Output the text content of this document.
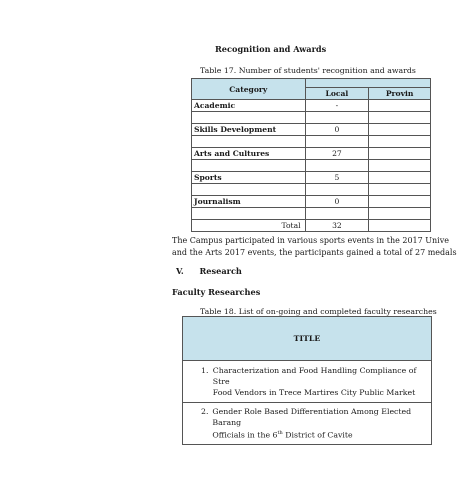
Recognition and Awards
Table 17. Number of students' recognition and awards
Category		
	Local	Provin
Academic	-	

Skills Development	0	

Arts and Cultures	27	

Sports	5	

Journalism	0	

Total	32	
The Campus participated in various sports events in the 2017 Unive
and the Arts 2017 events, the participants gained a total of 27 medals
V. Research
Faculty Researches
Table 18. List of on-going and completed faculty researches
TITLE

1. Characterization and Food Handling Compliance of Stre
Food Vendors in Trece Martires City Public Market

2. Gender Role Based Differentiation Among Elected Barang
Officials in the 6th District of Cavite
